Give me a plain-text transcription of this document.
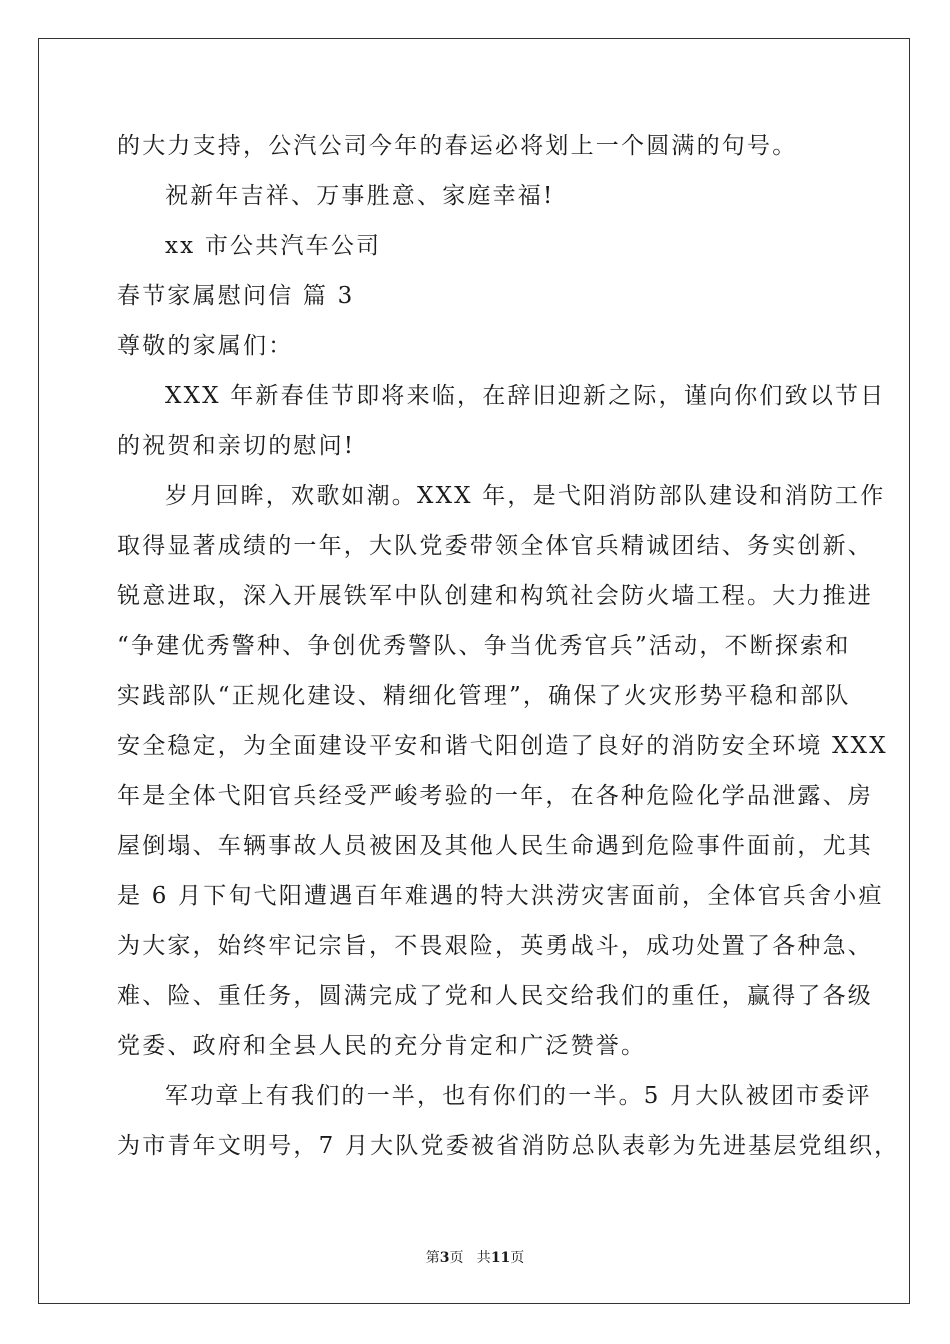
的大力支持，公汽公司今年的春运必将划上一个圆满的句号。
祝新年吉祥、万事胜意、家庭幸福!
xx 市公共汽车公司
春节家属慰问信 篇 3
尊敬的家属们：
XXX 年新春佳节即将来临，在辞旧迎新之际，谨向你们致以节日
的祝贺和亲切的慰问!
岁月回眸，欢歌如潮。XXX 年，是弋阳消防部队建设和消防工作
取得显著成绩的一年，大队党委带领全体官兵精诚团结、务实创新、
锐意进取，深入开展铁军中队创建和构筑社会防火墙工程。大力推进
“争建优秀警种、争创优秀警队、争当优秀官兵”活动，不断探索和
实践部队“正规化建设、精细化管理”，确保了火灾形势平稳和部队
安全稳定，为全面建设平安和谐弋阳创造了良好的消防安全环境 XXX
年是全体弋阳官兵经受严峻考验的一年，在各种危险化学品泄露、房
屋倒塌、车辆事故人员被困及其他人民生命遇到危险事件面前，尤其
是 6 月下旬弋阳遭遇百年难遇的特大洪涝灾害面前，全体官兵舍小疸
为大家，始终牢记宗旨，不畏艰险，英勇战斗，成功处置了各种急、
难、险、重任务，圆满完成了党和人民交给我们的重任，赢得了各级
党委、政府和全县人民的充分肯定和广泛赞誉。
军功章上有我们的一半，也有你们的一半。5 月大队被团市委评
为市青年文明号，7 月大队党委被省消防总队表彰为先进基层党组织，
第3页   共11页
